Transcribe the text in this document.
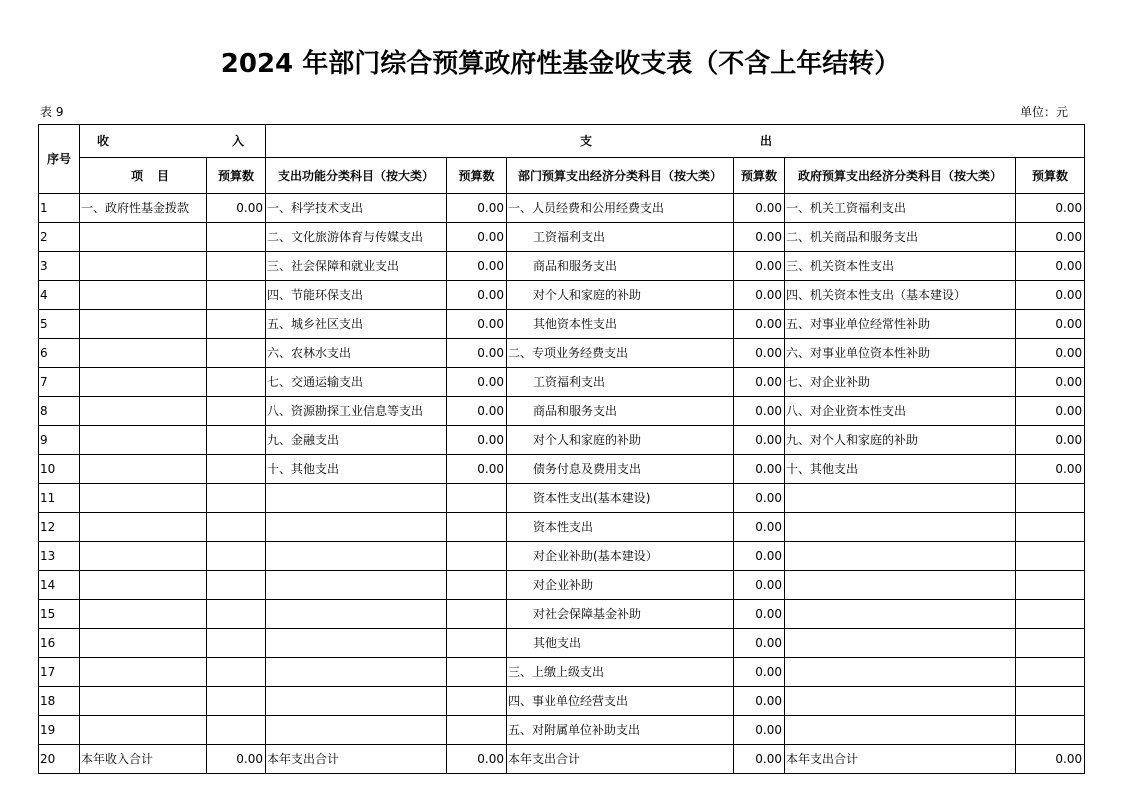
2024 年部门综合预算政府性基金收支表（不含上年结转）
表 9	单位：元
序号	收 入		支 出					
	项 目	预算数	支出功能分类科目（按大类）	预算数	部门预算支出经济分类科目（按大类）	预算数	政府预算支出经济分类科目（按大类）	预算数
1	一、政府性基金拨款	0.00	一、科学技术支出	0.00	一、人员经费和公用经费支出	0.00	一、机关工资福利支出	0.00
2			二、文化旅游体育与传媒支出	0.00	工资福利支出	0.00	二、机关商品和服务支出	0.00
3			三、社会保障和就业支出	0.00	商品和服务支出	0.00	三、机关资本性支出	0.00
4			四、节能环保支出	0.00	对个人和家庭的补助	0.00	四、机关资本性支出（基本建设）	0.00
5			五、城乡社区支出	0.00	其他资本性支出	0.00	五、对事业单位经常性补助	0.00
6			六、农林水支出	0.00	二、专项业务经费支出	0.00	六、对事业单位资本性补助	0.00
7			七、交通运输支出	0.00	工资福利支出	0.00	七、对企业补助	0.00
8			八、资源勘探工业信息等支出	0.00	商品和服务支出	0.00	八、对企业资本性支出	0.00
9			九、金融支出	0.00	对个人和家庭的补助	0.00	九、对个人和家庭的补助	0.00
10			十、其他支出	0.00	债务付息及费用支出	0.00	十、其他支出	0.00
11					资本性支出(基本建设)	0.00		
12					资本性支出	0.00		
13					对企业补助(基本建设）	0.00		
14					对企业补助	0.00		
15					对社会保障基金补助	0.00		
16					其他支出	0.00		
17					三、上缴上级支出	0.00		
18					四、事业单位经营支出	0.00		
19					五、对附属单位补助支出	0.00		
20	本年收入合计	0.00	本年支出合计	0.00	本年支出合计	0.00	本年支出合计	0.00
